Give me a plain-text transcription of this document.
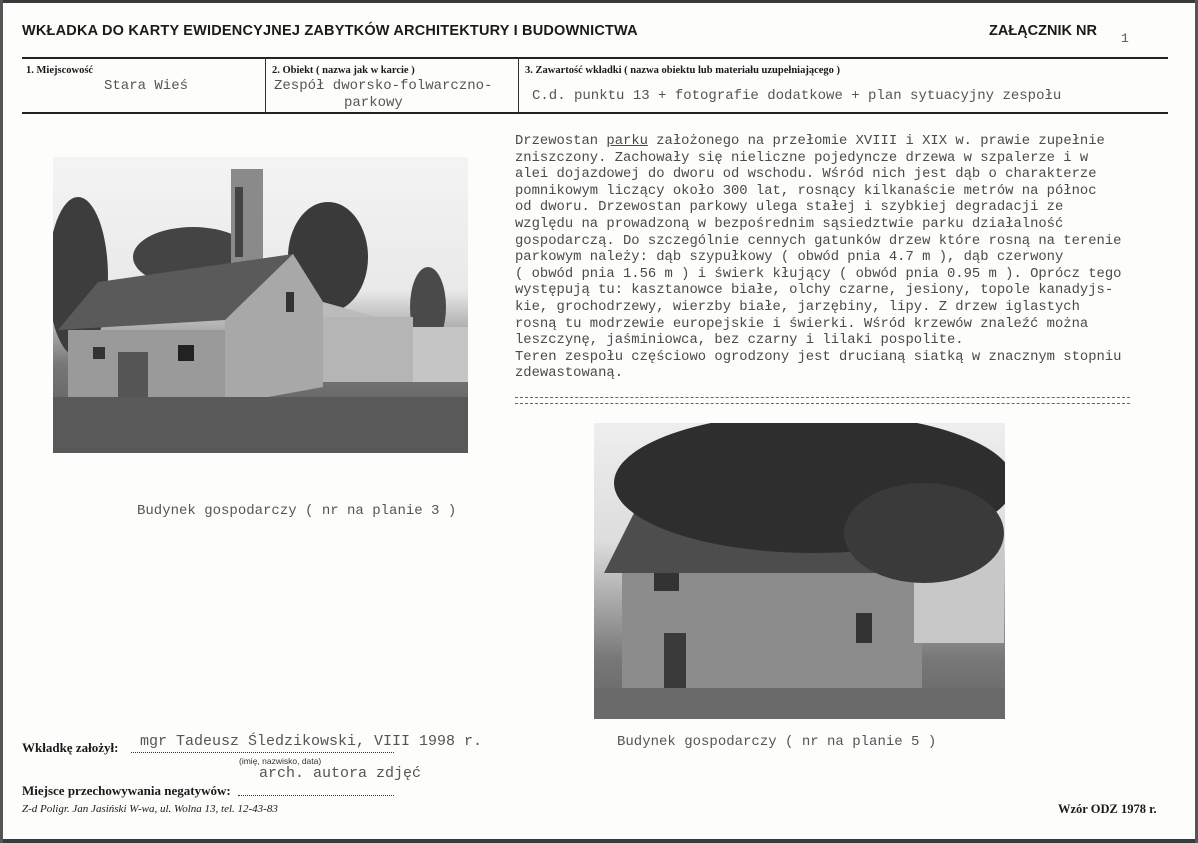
WKŁADKA DO KARTY EWIDENCYJNEJ ZABYTKÓW ARCHITEKTURY I BUDOWNICTWA	ZAŁĄCZNIK NR 1
1. Miejscowość
Stara Wieś
2. Obiekt ( nazwa jak w karcie )
Zespół dworsko-folwarczno-
parkowy
3. Zawartość wkładki ( nazwa obiektu lub materiału uzupełniającego )
C.d. punktu 13 + fotografie dodatkowe + plan sytuacyjny zespołu
Drzewostan parku założonego na przełomie XVIII i XIX w. prawie zupełnie
zniszczony. Zachowały się nieliczne pojedyncze drzewa w szpalerze i w
alei dojazdowej do dworu od wschodu. Wśród nich jest dąb o charakterze
pomnikowym liczący około 300 lat, rosnący kilkanaście metrów na północ
od dworu. Drzewostan parkowy ulega stałej i szybkiej degradacji ze
względu na prowadzoną w bezpośrednim sąsiedztwie parku działalność
gospodarczą. Do szczególnie cennych gatunków drzew które rosną na terenie
parkowym należy: dąb szypułkowy ( obwód pnia 4.7 m ), dąb czerwony
( obwód pnia 1.56 m ) i świerk kłujący ( obwód pnia 0.95 m ). Oprócz tego
występują tu: kasztanowce białe, olchy czarne, jesiony, topole kanadyjs-
kie, grochodrzewy, wierzby białe, jarzębiny, lipy. Z drzew iglastych
rosną tu modrzewie europejskie i świerki. Wśród krzewów znaleźć można
leszczynę, jaśminiowca, bez czarny i lilaki pospolite.
Teren zespołu częściowo ogrodzony jest drucianą siatką w znacznym stopniu
zdewastowaną.
Budynek gospodarczy ( nr na planie 3 )
Budynek gospodarczy ( nr na planie 5 )
mgr Tadeusz Śledzikowski, VIII 1998 r.
Wkładkę założył:
(imię, nazwisko, data)
arch. autora zdjęć
Miejsce przechowywania negatywów:
Z-d Poligr. Jan Jasiński W-wa, ul. Wolna 13, tel. 12-43-83	Wzór ODZ 1978 r.
